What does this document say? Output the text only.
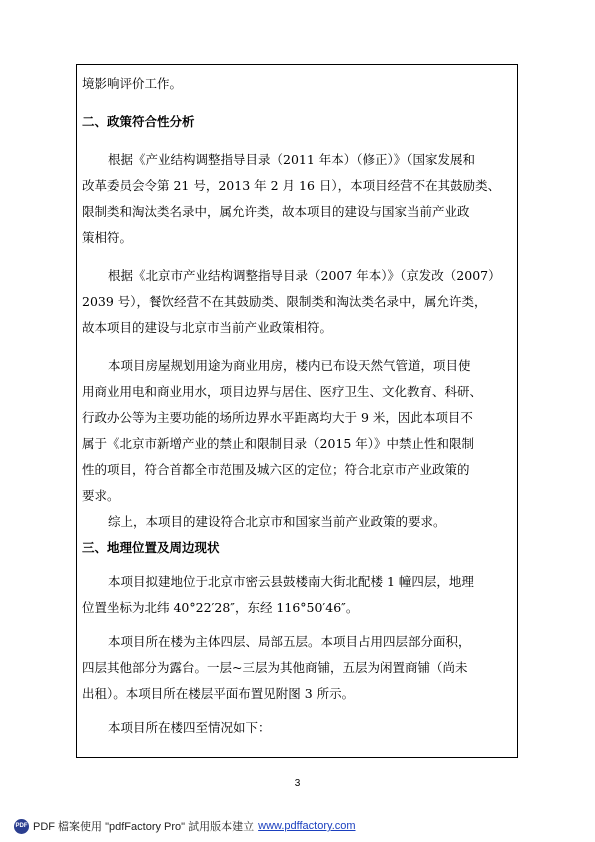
境影响评价工作。
二、政策符合性分析
根据《产业结构调整指导目录（2011 年本）（修正）》（国家发展和
改革委员会令第 21 号，2013 年 2 月 16 日），本项目经营不在其鼓励类、
限制类和淘汰类名录中，属允许类，故本项目的建设与国家当前产业政
策相符。
根据《北京市产业结构调整指导目录（2007 年本）》（京发改（2007）
2039 号），餐饮经营不在其鼓励类、限制类和淘汰类名录中，属允许类，
故本项目的建设与北京市当前产业政策相符。
本项目房屋规划用途为商业用房，楼内已布设天然气管道，项目使
用商业用电和商业用水，项目边界与居住、医疗卫生、文化教育、科研、
行政办公等为主要功能的场所边界水平距离均大于 9 米，因此本项目不
属于《北京市新增产业的禁止和限制目录（2015 年）》中禁止性和限制
性的项目，符合首都全市范围及城六区的定位；符合北京市产业政策的
要求。
综上，本项目的建设符合北京市和国家当前产业政策的要求。
三、地理位置及周边现状
本项目拟建地位于北京市密云县鼓楼南大街北配楼 1 幢四层，地理
位置坐标为北纬 40°22′28″，东经 116°50′46″。
本项目所在楼为主体四层、局部五层。本项目占用四层部分面积，
四层其他部分为露台。一层~三层为其他商铺，五层为闲置商铺（尚未
出租）。本项目所在楼层平面布置见附图 3 所示。
本项目所在楼四至情况如下：
3
PDF PDF 檔案使用 "pdfFactory Pro" 試用版本建立 www.pdffactory.com
